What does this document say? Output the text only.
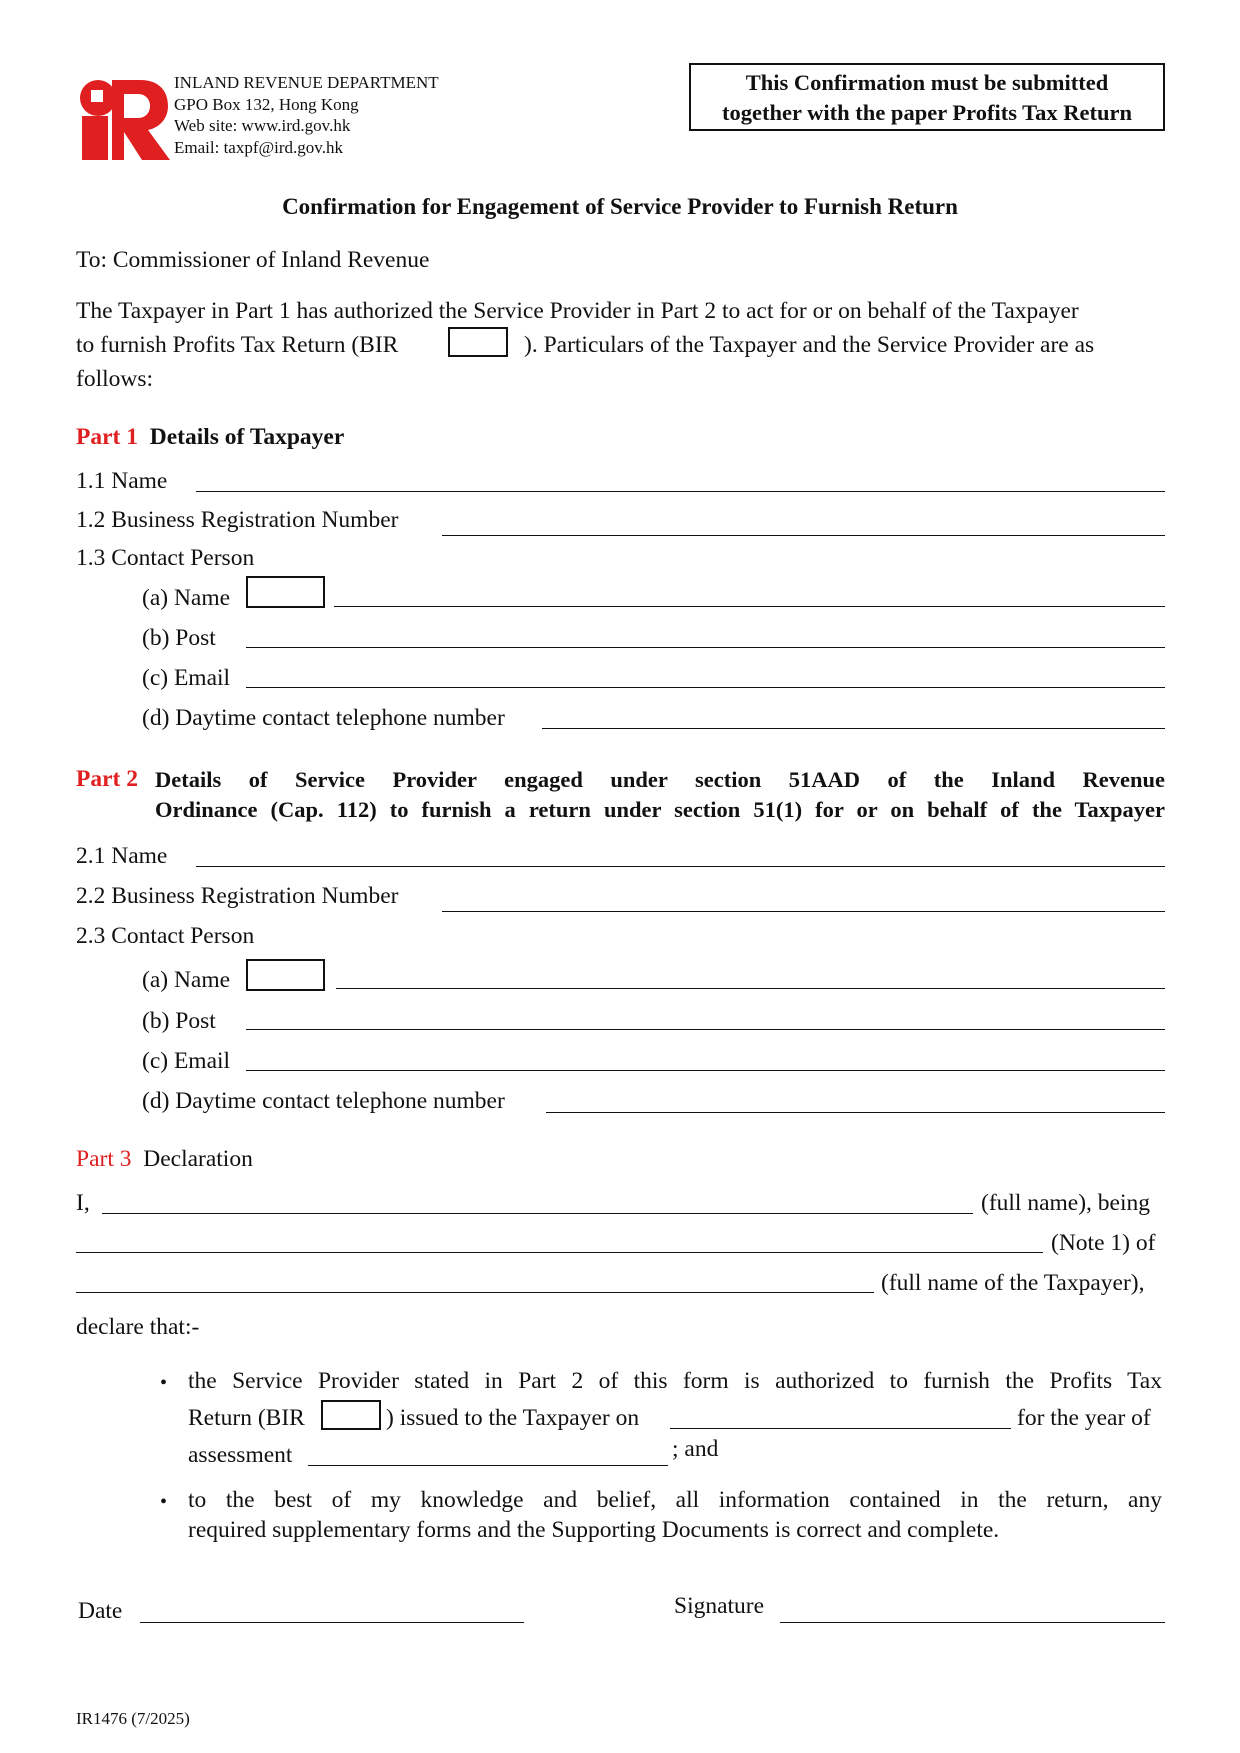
INLAND REVENUE DEPARTMENT
GPO Box 132, Hong Kong
Web site: www.ird.gov.hk
Email: taxpf@ird.gov.hk
This Confirmation must be submitted
together with the paper Profits Tax Return
Confirmation for Engagement of Service Provider to Furnish Return
To: Commissioner of Inland Revenue
The Taxpayer in Part 1 has authorized the Service Provider in Part 2 to act for or on behalf of the Taxpayer
to furnish Profits Tax Return (BIR	). Particulars of the Taxpayer and the Service Provider are as
follows:
Part 1 Details of Taxpayer
1.1 Name
1.2 Business Registration Number
1.3 Contact Person
(a) Name
(b) Post
(c) Email
(d) Daytime contact telephone number
Part 2 Details of Service Provider engaged under section 51AAD of the Inland Revenue
Ordinance (Cap. 112) to furnish a return under section 51(1) for or on behalf of the Taxpayer
2.1 Name
2.2 Business Registration Number
2.3 Contact Person
(a) Name
(b) Post
(c) Email
(d) Daytime contact telephone number
Part 3 Declaration
I,	(full name), being
(Note 1) of
(full name of the Taxpayer),
declare that:-
• the Service Provider stated in Part 2 of this form is authorized to furnish the Profits Tax
Return (BIR	) issued to the Taxpayer on	for the year of
assessment	; and
• to the best of my knowledge and belief, all information contained in the return, any
required supplementary forms and the Supporting Documents is correct and complete.
Date	Signature
IR1476 (7/2025)
